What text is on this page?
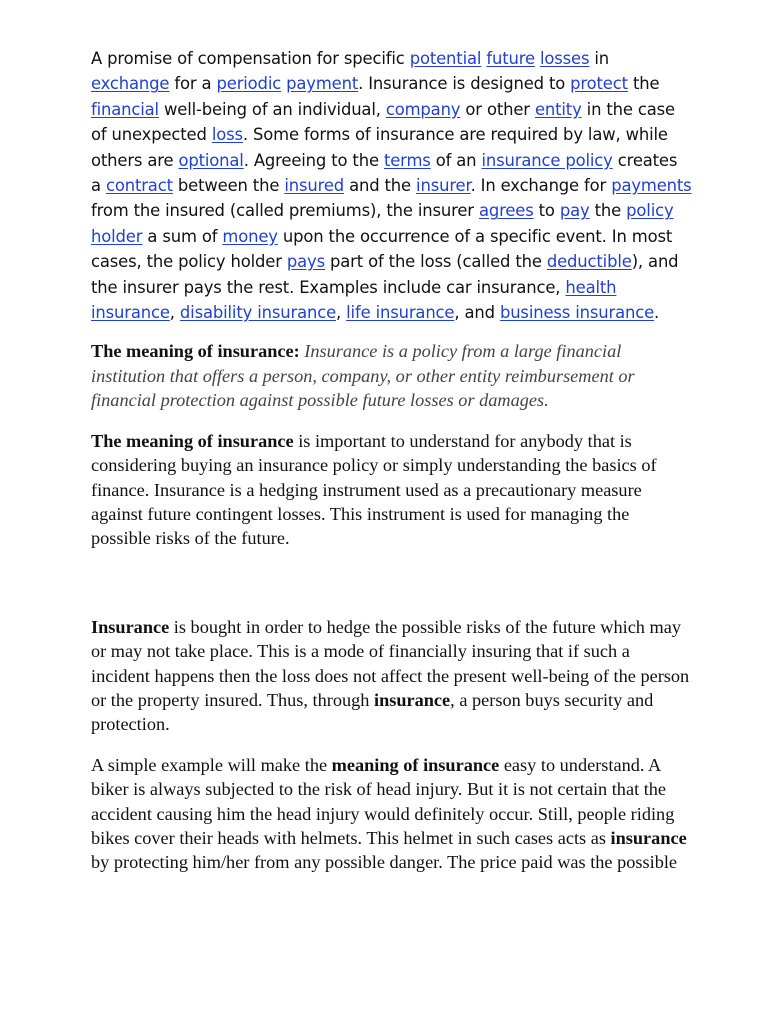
A promise of compensation for specific potential future losses in exchange for a periodic payment. Insurance is designed to protect the financial well-being of an individual, company or other entity in the case of unexpected loss. Some forms of insurance are required by law, while others are optional. Agreeing to the terms of an insurance policy creates a contract between the insured and the insurer. In exchange for payments from the insured (called premiums), the insurer agrees to pay the policy holder a sum of money upon the occurrence of a specific event. In most cases, the policy holder pays part of the loss (called the deductible), and the insurer pays the rest. Examples include car insurance, health insurance, disability insurance, life insurance, and business insurance.

The meaning of insurance: Insurance is a policy from a large financial institution that offers a person, company, or other entity reimbursement or financial protection against possible future losses or damages.

The meaning of insurance is important to understand for anybody that is considering buying an insurance policy or simply understanding the basics of finance. Insurance is a hedging instrument used as a precautionary measure against future contingent losses. This instrument is used for managing the possible risks of the future.

Insurance is bought in order to hedge the possible risks of the future which may or may not take place. This is a mode of financially insuring that if such a incident happens then the loss does not affect the present well-being of the person or the property insured. Thus, through insurance, a person buys security and protection.

A simple example will make the meaning of insurance easy to understand. A biker is always subjected to the risk of head injury. But it is not certain that the accident causing him the head injury would definitely occur. Still, people riding bikes cover their heads with helmets. This helmet in such cases acts as insurance by protecting him/her from any possible danger. The price paid was the possible
